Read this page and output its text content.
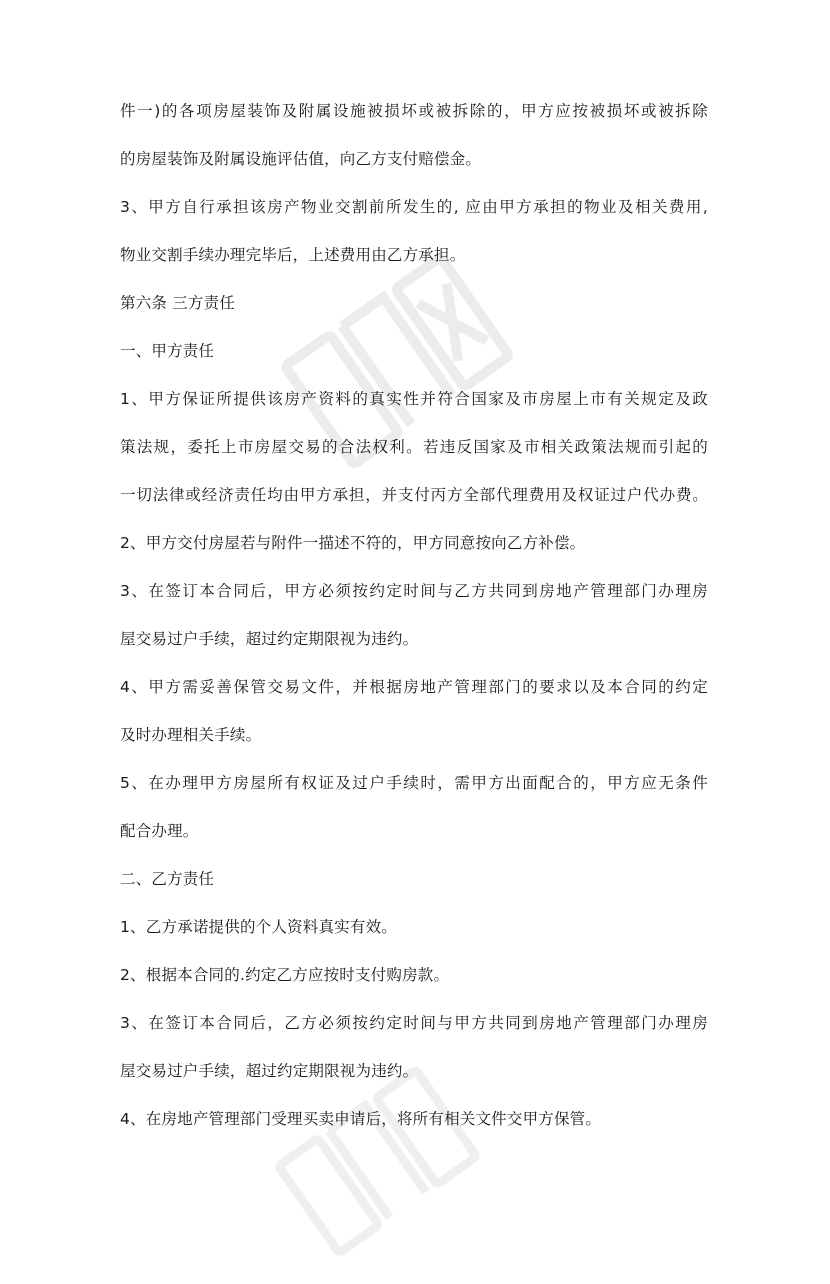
件一)的各项房屋装饰及附属设施被损坏或被拆除的，甲方应按被损坏或被拆除
的房屋装饰及附属设施评估值，向乙方支付赔偿金。
3、甲方自行承担该房产物业交割前所发生的, 应由甲方承担的物业及相关费用,
物业交割手续办理完毕后，上述费用由乙方承担。
第六条 三方责任
一、甲方责任
1、甲方保证所提供该房产资料的真实性并符合国家及市房屋上市有关规定及政
策法规，委托上市房屋交易的合法权利。若违反国家及市相关政策法规而引起的
一切法律或经济责任均由甲方承担，并支付丙方全部代理费用及权证过户代办费。
2、甲方交付房屋若与附件一描述不符的，甲方同意按向乙方补偿。
3、在签订本合同后，甲方必须按约定时间与乙方共同到房地产管理部门办理房
屋交易过户手续，超过约定期限视为违约。
4、甲方需妥善保管交易文件，并根据房地产管理部门的要求以及本合同的约定
及时办理相关手续。
5、在办理甲方房屋所有权证及过户手续时，需甲方出面配合的，甲方应无条件
配合办理。
二、乙方责任
1、乙方承诺提供的个人资料真实有效。
2、根据本合同的.约定乙方应按时支付购房款。
3、在签订本合同后，乙方必须按约定时间与甲方共同到房地产管理部门办理房
屋交易过户手续，超过约定期限视为违约。
4、在房地产管理部门受理买卖申请后，将所有相关文件交甲方保管。
